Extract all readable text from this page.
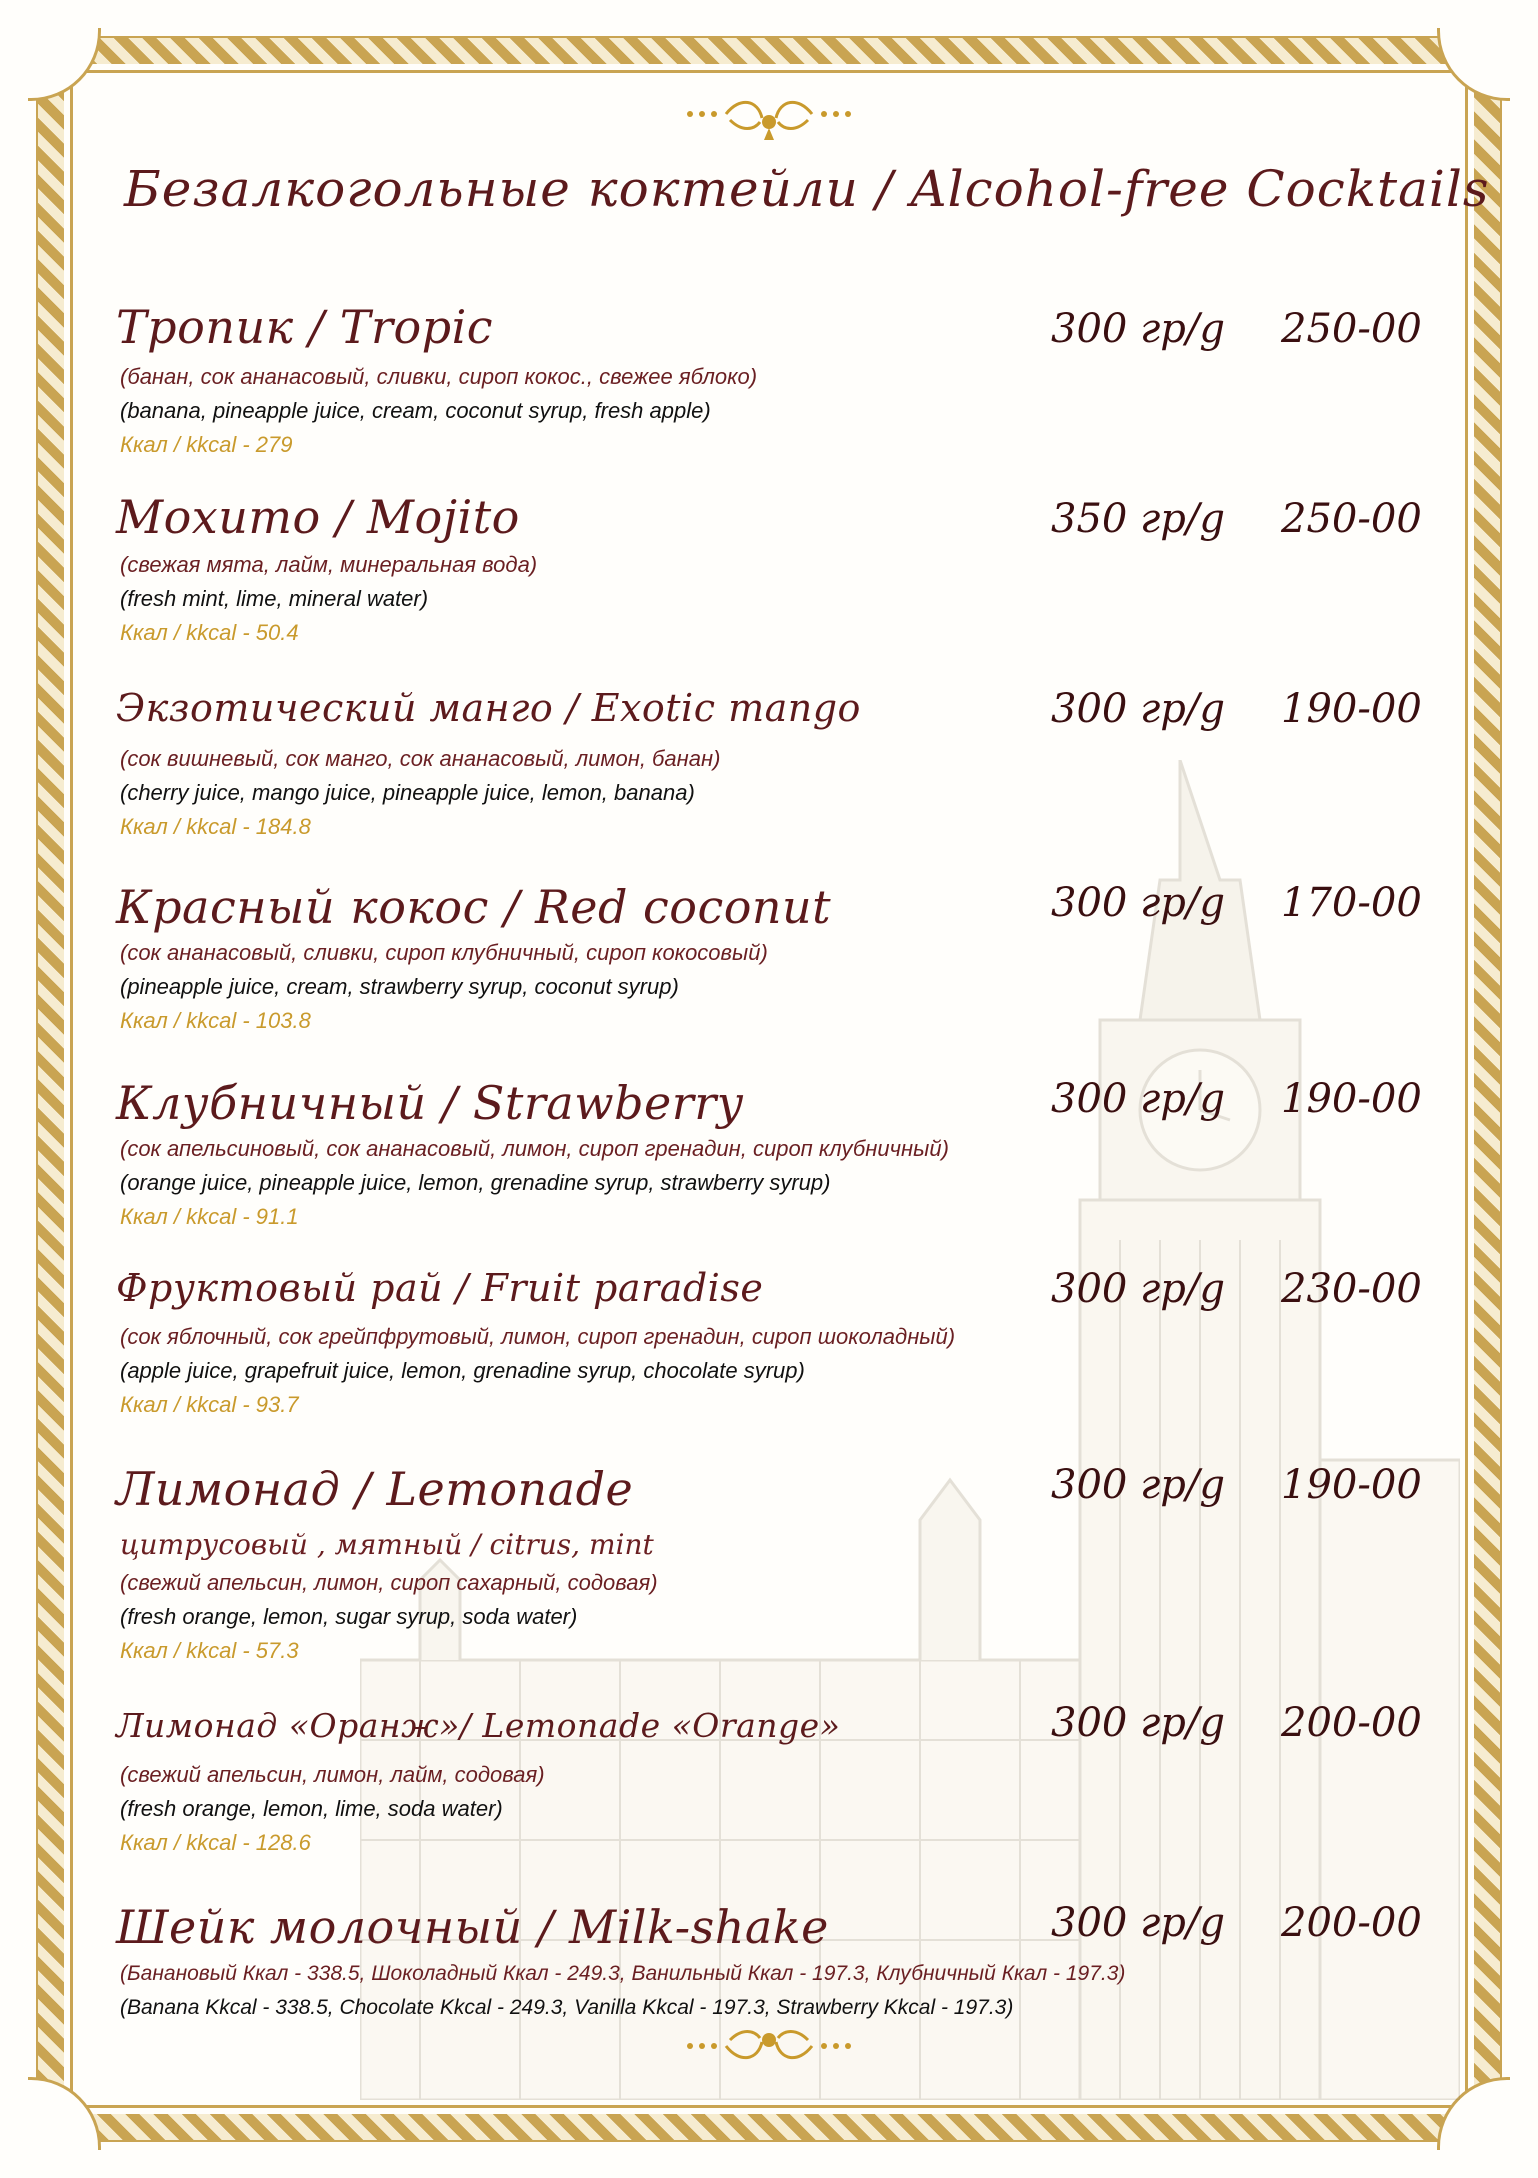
Безалкогольные коктейли / Alcohol-free Cocktails
Тропик / Tropic	300 гр/g 250-00
(банан, сок ананасовый, сливки, сироп кокос., свежее яблоко)
(banana, pineapple juice, cream, coconut syrup, fresh apple)
Ккал / kkcal - 279
Мохито / Mojito	350 гр/g 250-00
(свежая мята, лайм, минеральная вода)
(fresh mint, lime, mineral water)
Ккал / kkcal - 50.4
Экзотический манго / Exotic mango	300 гр/g 190-00
(сок вишневый, сок манго, сок ананасовый, лимон, банан)
(cherry juice, mango juice, pineapple juice, lemon, banana)
Ккал / kkcal - 184.8
Красный кокос / Red coconut	300 гр/g 170-00
(сок ананасовый, сливки, сироп клубничный, сироп кокосовый)
(pineapple juice, cream, strawberry syrup, coconut syrup)
Ккал / kkcal - 103.8
Клубничный / Strawberry	300 гр/g 190-00
(сок апельсиновый, сок ананасовый, лимон, сироп гренадин, сироп клубничный)
(orange juice, pineapple juice, lemon, grenadine syrup, strawberry syrup)
Ккал / kkcal - 91.1
Фруктовый рай / Fruit paradise	300 гр/g 230-00
(сок яблочный, сок грейпфрутовый, лимон, сироп гренадин, сироп шоколадный)
(apple juice, grapefruit juice, lemon, grenadine syrup, chocolate syrup)
Ккал / kkcal - 93.7
Лимонад / Lemonade	300 гр/g 190-00
цитрусовый , мятный / citrus, mint
(свежий апельсин, лимон, сироп сахарный, содовая)
(fresh orange, lemon, sugar syrup, soda water)
Ккал / kkcal - 57.3
Лимонад «Оранж»/ Lemonade «Orange»	300 гр/g 200-00
(свежий апельсин, лимон, лайм, содовая)
(fresh orange, lemon, lime, soda water)
Ккал / kkcal - 128.6
Шейк молочный / Milk-shake	300 гр/g 200-00
(Банановый Ккал - 338.5, Шоколадный Ккал - 249.3, Ванильный Ккал - 197.3, Клубничный Ккал - 197.3)
(Banana Kkcal - 338.5, Chocolate Kkcal - 249.3, Vanilla Kkcal - 197.3, Strawberry Kkcal - 197.3)
